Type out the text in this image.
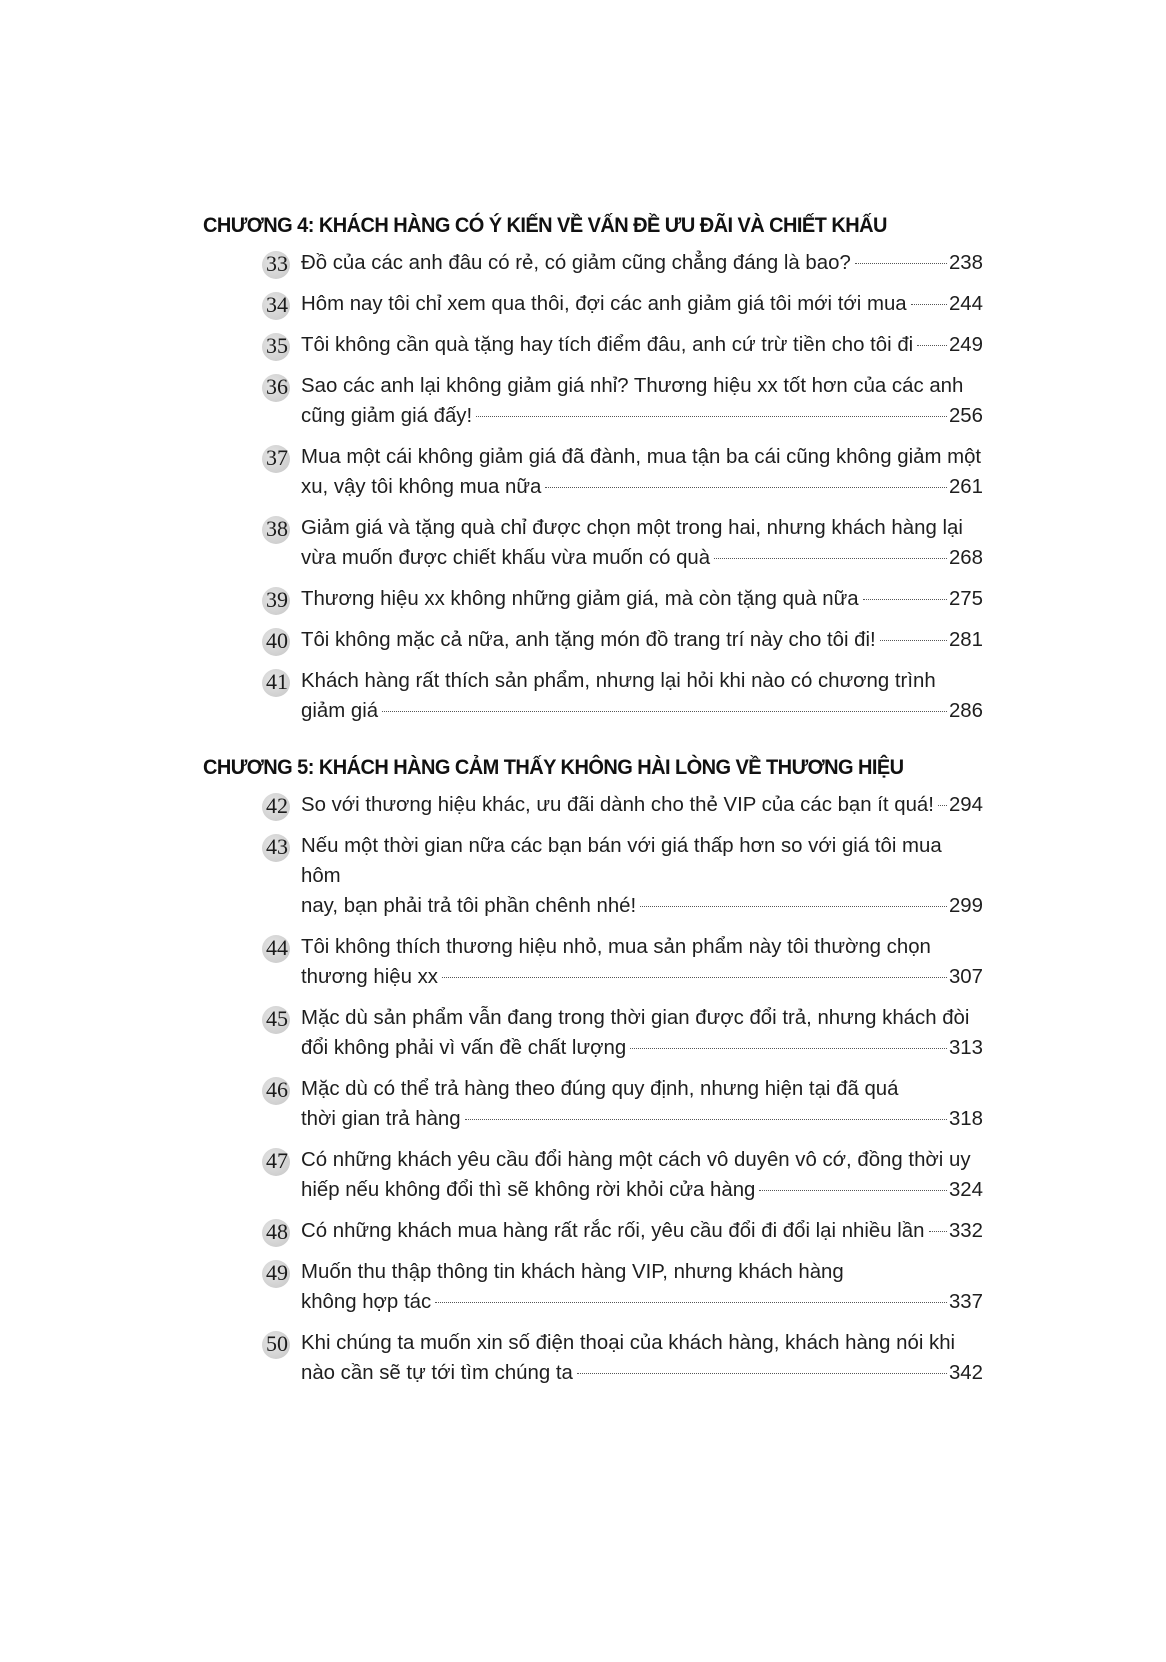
CHƯƠNG 4: KHÁCH HÀNG CÓ Ý KIẾN VỀ VẤN ĐỀ ƯU ĐÃI VÀ CHIẾT KHẤU
33 Đồ của các anh đâu có rẻ, có giảm cũng chẳng đáng là bao?	238
34 Hôm nay tôi chỉ xem qua thôi, đợi các anh giảm giá tôi mới tới mua 244
35 Tôi không cần quà tặng hay tích điểm đâu, anh cứ trừ tiền cho tôi đi 249
36 Sao các anh lại không giảm giá nhỉ? Thương hiệu xx tốt hơn của các anh
cũng giảm giá đấy!	256
37 Mua một cái không giảm giá đã đành, mua tận ba cái cũng không giảm một
xu, vậy tôi không mua nữa	261
38 Giảm giá và tặng quà chỉ được chọn một trong hai, nhưng khách hàng lại
vừa muốn được chiết khấu vừa muốn có quà	268
39 Thương hiệu xx không những giảm giá, mà còn tặng quà nữa	275
40 Tôi không mặc cả nữa, anh tặng món đồ trang trí này cho tôi đi!	281
41 Khách hàng rất thích sản phẩm, nhưng lại hỏi khi nào có chương trình
giảm giá	286
CHƯƠNG 5: KHÁCH HÀNG CẢM THẤY KHÔNG HÀI LÒNG VỀ THƯƠNG HIỆU
42 So với thương hiệu khác, ưu đãi dành cho thẻ VIP của các bạn ít quá! 294
43 Nếu một thời gian nữa các bạn bán với giá thấp hơn so với giá tôi mua hôm
nay, bạn phải trả tôi phần chênh nhé!	299
44 Tôi không thích thương hiệu nhỏ, mua sản phẩm này tôi thường chọn
thương hiệu xx	307
45 Mặc dù sản phẩm vẫn đang trong thời gian được đổi trả, nhưng khách đòi
đổi không phải vì vấn đề chất lượng	313
46 Mặc dù có thể trả hàng theo đúng quy định, nhưng hiện tại đã quá
thời gian trả hàng	318
47 Có những khách yêu cầu đổi hàng một cách vô duyên vô cớ, đồng thời uy
hiếp nếu không đổi thì sẽ không rời khỏi cửa hàng	324
48 Có những khách mua hàng rất rắc rối, yêu cầu đổi đi đổi lại nhiều lần 332
49 Muốn thu thập thông tin khách hàng VIP, nhưng khách hàng
không hợp tác	337
50 Khi chúng ta muốn xin số điện thoại của khách hàng, khách hàng nói khi
nào cần sẽ tự tới tìm chúng ta	342
